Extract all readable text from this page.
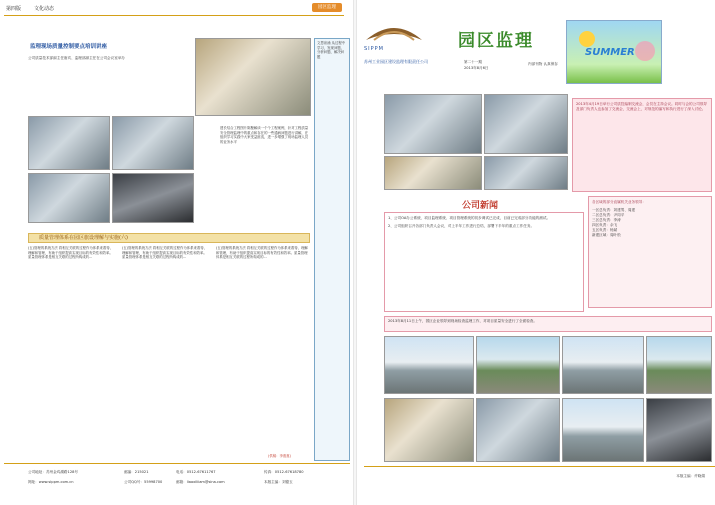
第四版	文化动态	园区监理
监理现场质量控制要点培训讲座
公司质量技术部副主任唐宾、监理部副主任在公司会议室举办
建长结合工程图片陈聚解读一个个工程案例，针对工程质量安全管理监理中的重点和存在的一些通病问题进行讲解，在组织学习实践中大家受益匪浅，进一步增强了现场监理人员的业务水平
质量管理体系在园区旅设理解与实施(六)
(五)管理的系统方法 将相互关联的过程作为体系来看待、理解和管理，有助于组织提高实现目标的有效性和效率。质量管理体系是相互关联的过程所构成的...
(五)管理的系统方法 将相互关联的过程作为体系来看待、理解和管理，有助于组织提高实现目标的有效性和效率。质量管理体系是相互关联的过程所构成的...
(五)管理的系统方法 将相互关联的过程作为体系来看待、理解和管理，有助于组织提高实现目标的有效性和效率。质量管理体系是相互关联的过程所构成的...
(供稿：李惠惠)
文思泉涌 从过程中学习，发现问题、分析问题、解决问题
公司地址：苏州金鸡湖路128号	邮编：215021	电话：0512-67611767	传真：0512-67618780
网址：www.sippm.com.cn	公司QQ号：55998700	邮箱：liaoxiliiam@sina.com	本版主编：刘德玉
SIPPM
苏州工业园区建设监理有限责任公司
园区监理
第二十一期
2013年8月6日
内部刊物 认真保存
SUMMER
2013年4月19日举行公司质控编制交流会，会员在主持会议。同时与会的公司领导及部门负责人也参加了交流会，交流会上，对规范的编写和执行进行了深入讨论。
公司新闻
1、公司OA办公系统、项目监理系统、项目管理系统的初步调试已完成，目前已完成部分功能的测试。
2、公司组织召开各部门负责人会议，对上半年工作进行总结，部署下半年的重点工作任务。
各区域的部分直属机关业务领导：
一区总负责：刘建男、周建
二区总负责：尹同平
三区总负责：李涛
四区负责：余飞
五区负责：杨斌
新建区域：周叶松
2013年8月11日上午，园区企业领导到现场检查监理工作，对项目质量安全进行了全面检查。
本版主编：许晓娟
